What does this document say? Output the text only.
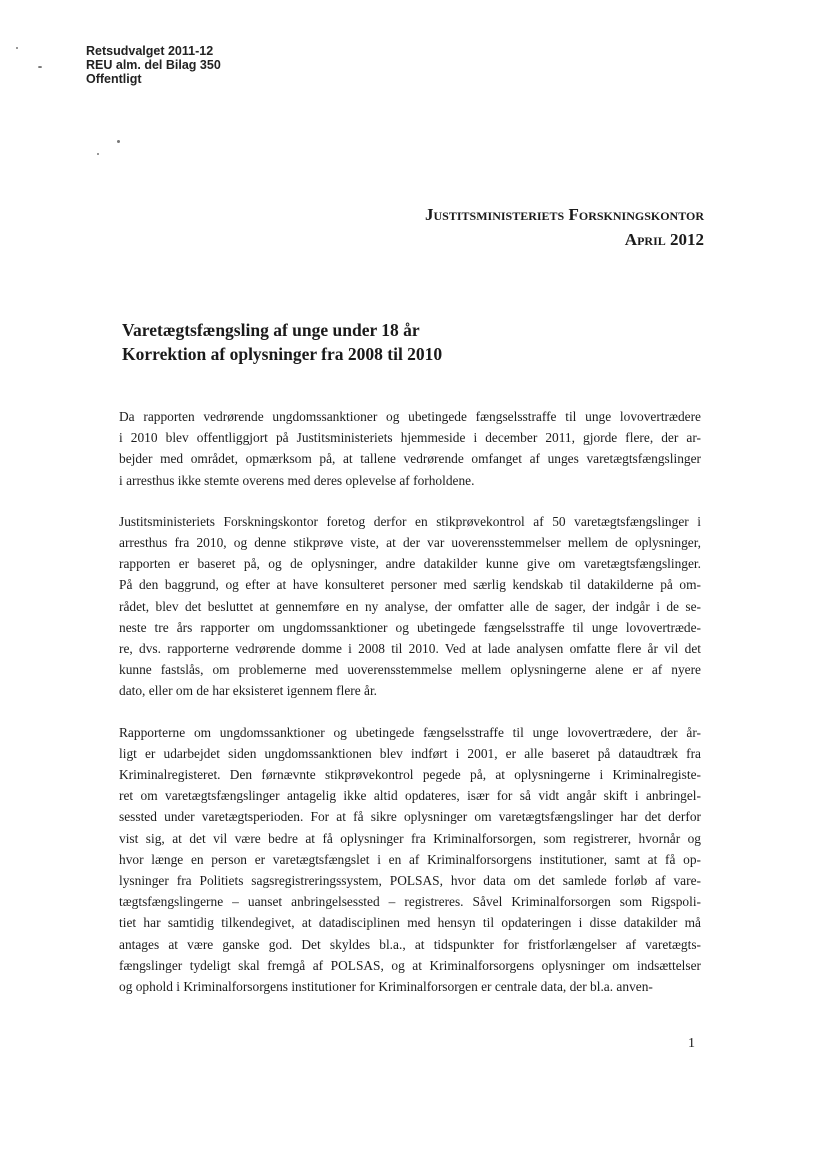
Retsudvalget 2011-12
REU alm. del Bilag 350
Offentligt
Justitsministeriets Forskningskontor
April 2012
Varetægtsfængsling af unge under 18 år
Korrektion af oplysninger fra 2008 til 2010

Da rapporten vedrørende ungdomssanktioner og ubetingede fængselsstraffe til unge lovovertrædere
i 2010 blev offentliggjort på Justitsministeriets hjemmeside i december 2011, gjorde flere, der ar-
bejder med området, opmærksom på, at tallene vedrørende omfanget af unges varetægtsfængslinger
i arresthus ikke stemte overens med deres oplevelse af forholdene.

Justitsministeriets Forskningskontor foretog derfor en stikprøvekontrol af 50 varetægtsfængslinger i
arresthus fra 2010, og denne stikprøve viste, at der var uoverensstemmelser mellem de oplysninger,
rapporten er baseret på, og de oplysninger, andre datakilder kunne give om varetægtsfængslinger.
På den baggrund, og efter at have konsulteret personer med særlig kendskab til datakilderne på om-
rådet, blev det besluttet at gennemføre en ny analyse, der omfatter alle de sager, der indgår i de se-
neste tre års rapporter om ungdomssanktioner og ubetingede fængselsstraffe til unge lovovertræde-
re, dvs. rapporterne vedrørende domme i 2008 til 2010. Ved at lade analysen omfatte flere år vil det
kunne fastslås, om problemerne med uoverensstemmelse mellem oplysningerne alene er af nyere
dato, eller om de har eksisteret igennem flere år.

Rapporterne om ungdomssanktioner og ubetingede fængselsstraffe til unge lovovertrædere, der år-
ligt er udarbejdet siden ungdomssanktionen blev indført i 2001, er alle baseret på dataudtræk fra
Kriminalregisteret. Den førnævnte stikprøvekontrol pegede på, at oplysningerne i Kriminalregiste-
ret om varetægtsfængslinger antagelig ikke altid opdateres, især for så vidt angår skift i anbringel-
sessted under varetægtsperioden. For at få sikre oplysninger om varetægtsfængslinger har det derfor
vist sig, at det vil være bedre at få oplysninger fra Kriminalforsorgen, som registrerer, hvornår og
hvor længe en person er varetægtsfængslet i en af Kriminalforsorgens institutioner, samt at få op-
lysninger fra Politiets sagsregistreringssystem, POLSAS, hvor data om det samlede forløb af vare-
tægtsfængslingerne – uanset anbringelsessted – registreres. Såvel Kriminalforsorgen som Rigspoli-
tiet har samtidig tilkendegivet, at datadisciplinen med hensyn til opdateringen i disse datakilder må
antages at være ganske god. Det skyldes bl.a., at tidspunkter for fristforlængelser af varetægts-
fængslinger tydeligt skal fremgå af POLSAS, og at Kriminalforsorgens oplysninger om indsættelser
og ophold i Kriminalforsorgens institutioner for Kriminalforsorgen er centrale data, der bl.a. anven-

1
